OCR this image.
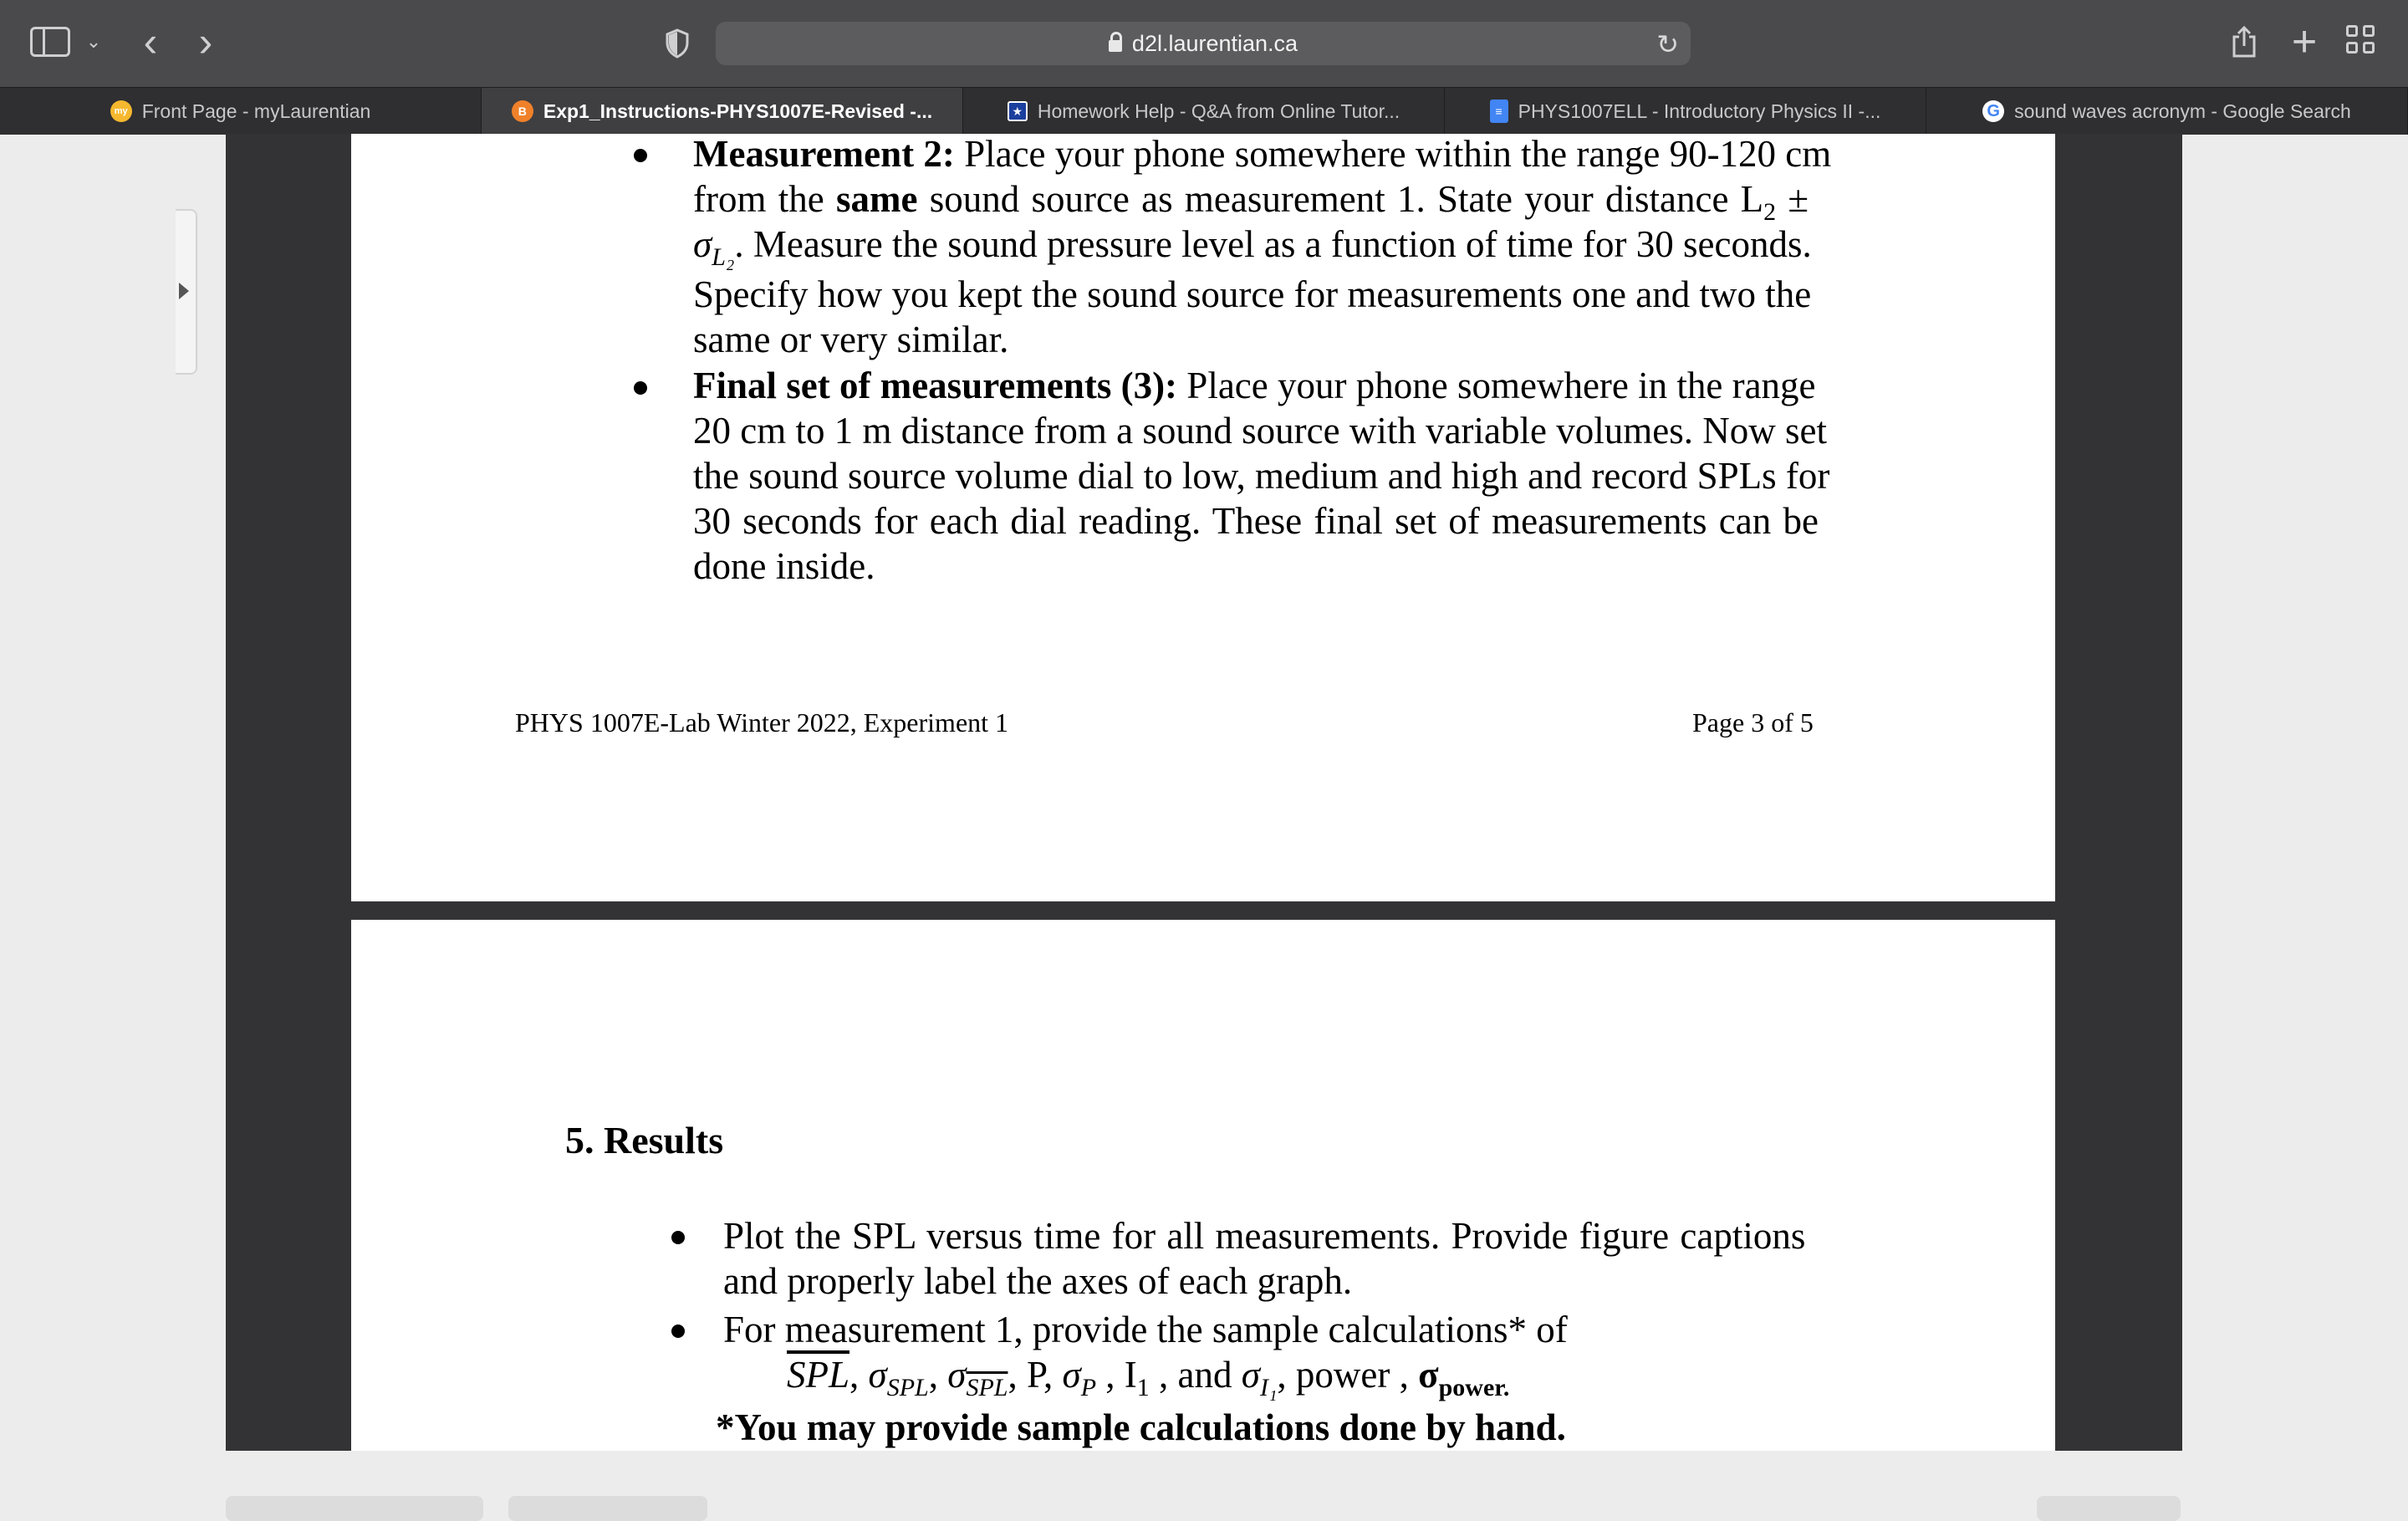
⌄ ‹ ›	d2l.laurentian.ca	↻	+
my Front Page - myLaurentian	B Exp1_Instructions-PHYS1007E-Revised -...	★ Homework Help - Q&A from Online Tutor...	≡ PHYS1007ELL - Introductory Physics II -...	G sound waves acronym - Google Search
Measurement 2: Place your phone somewhere within the range 90-120 cm
from the same sound source as measurement 1. State your distance $L_2$ ±
$\sigma_{L_2}$. Measure the sound pressure level as a function of time for 30 seconds.
Specify how you kept the sound source for measurements one and two the
same or very similar.
Final set of measurements (3): Place your phone somewhere in the range
20 cm to 1 m distance from a sound source with variable volumes. Now set
the sound source volume dial to low, medium and high and record SPLs for
30 seconds for each dial reading. These final set of measurements can be
done inside.
PHYS 1007E-Lab Winter 2022, Experiment 1	Page 3 of 5
5. Results
Plot the SPL versus time for all measurements. Provide figure captions
and properly label the axes of each graph.
For measurement 1, provide the sample calculations* of
$\overline{SPL}$, $\sigma_{SPL}$, $\sigma_{\overline{SPL}}$, P, $\sigma_P$ , $I_1$ , and $\sigma_{I_1}$, power , $\sigma_{power.}$
*You may provide sample calculations done by hand.
